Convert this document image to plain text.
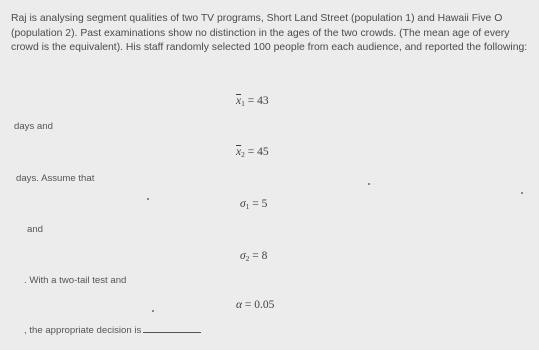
Raj is analysing segment qualities of two TV programs, Short Land Street (population 1) and Hawaii Five O (population 2). Past examinations show no distinction in the ages of the two crowds. (The mean age of every crowd is the equivalent). His staff randomly selected 100 people from each audience, and reported the following:

$\overline{x}_1 = 43$
days and
$\overline{x}_2 = 45$
days. Assume that
$\sigma_1 = 5$
and
$\sigma_2 = 8$
. With a two-tail test and
α = 0.05
, the appropriate decision is
